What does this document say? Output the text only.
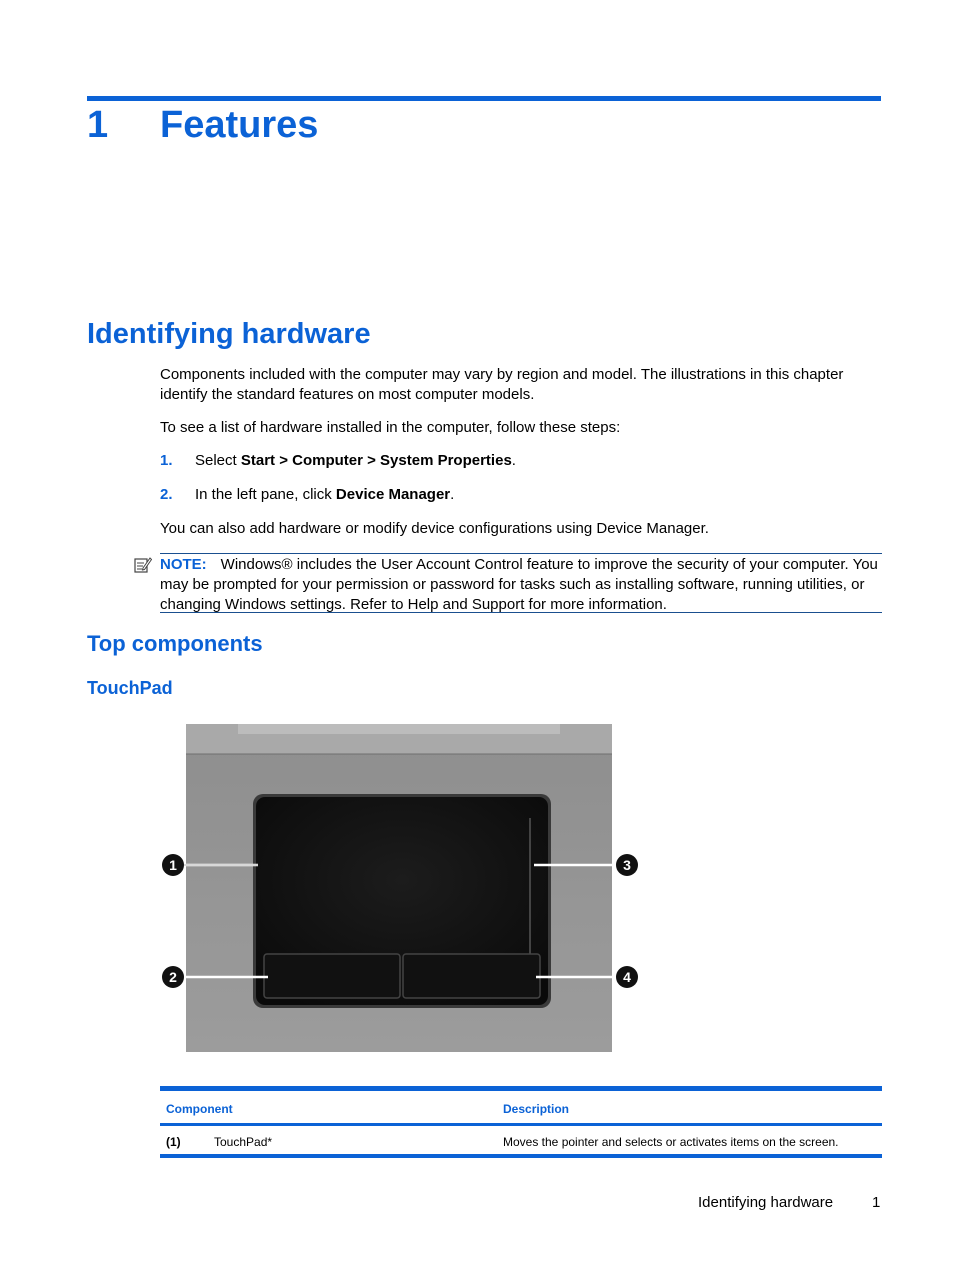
1 Features
Identifying hardware
Components included with the computer may vary by region and model. The illustrations in this chapter identify the standard features on most computer models.
To see a list of hardware installed in the computer, follow these steps:
1. Select Start > Computer > System Properties.
2. In the left pane, click Device Manager.
You can also add hardware or modify device configurations using Device Manager.
NOTE: Windows® includes the User Account Control feature to improve the security of your computer. You may be prompted for your permission or password for tasks such as installing software, running utilities, or changing Windows settings. Refer to Help and Support for more information.
Top components
TouchPad
1	3
2	4
Component	Description
(1)	TouchPad*	Moves the pointer and selects or activates items on the screen.
Identifying hardware	1
